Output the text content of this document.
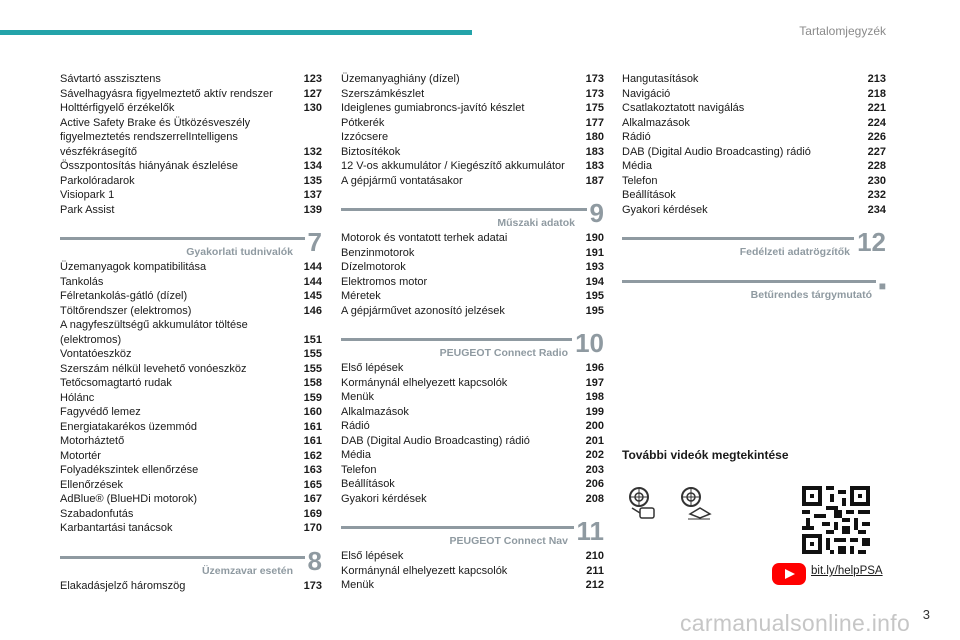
Tartalomjegyzék
Sávtartó asszisztens	123
Sávelhagyásra figyelmeztető aktív rendszer	127
Holttérfigyelő érzékelők	130
Active Safety Brake és Ütközésveszély figyelmeztetés rendszerrelIntelligens vészfékrásegítő	132
Összpontosítás hiányának észlelése	134
Parkolóradarok	135
Visiopark 1	137
Park Assist	139
7
Gyakorlati tudnivalók
Üzemanyagok kompatibilitása	144
Tankolás	144
Félretankolás-gátló (dízel)	145
Töltőrendszer (elektromos)	146
A nagyfeszültségű akkumulátor töltése (elektromos)	151
Vontatóeszköz	155
Szerszám nélkül levehető vonóeszköz	155
Tetőcsomagtartó rudak	158
Hólánc	159
Fagyvédő lemez	160
Energiatakarékos üzemmód	161
Motorháztető	161
Motortér	162
Folyadékszintek ellenőrzése	163
Ellenőrzések	165
AdBlue® (BlueHDi motorok)	167
Szabadonfutás	169
Karbantartási tanácsok	170
8
Üzemzavar esetén
Elakadásjelző háromszög	173
Üzemanyaghiány (dízel)	173
Szerszámkészlet	173
Ideiglenes gumiabroncs-javító készlet	175
Pótkerék	177
Izzócsere	180
Biztosítékok	183
12 V-os akkumulátor / Kiegészítő akkumulátor	183
A gépjármű vontatásakor	187
9
Műszaki adatok
Motorok és vontatott terhek adatai	190
Benzinmotorok	191
Dízelmotorok	193
Elektromos motor	194
Méretek	195
A gépjárművet azonosító jelzések	195
10
PEUGEOT Connect Radio
Első lépések	196
Kormánynál elhelyezett kapcsolók	197
Menük	198
Alkalmazások	199
Rádió	200
DAB (Digital Audio Broadcasting) rádió	201
Média	202
Telefon	203
Beállítások	206
Gyakori kérdések	208
11
PEUGEOT Connect Nav
Első lépések	210
Kormánynál elhelyezett kapcsolók	211
Menük	212
Hangutasítások	213
Navigáció	218
Csatlakoztatott navigálás	221
Alkalmazások	224
Rádió	226
DAB (Digital Audio Broadcasting) rádió	227
Média	228
Telefon	230
Beállítások	232
Gyakori kérdések	234
12
Fedélzeti adatrögzítők
■
Betűrendes tárgymutató
További videók megtekintése
bit.ly/helpPSA
carmanualsonline.info 3
